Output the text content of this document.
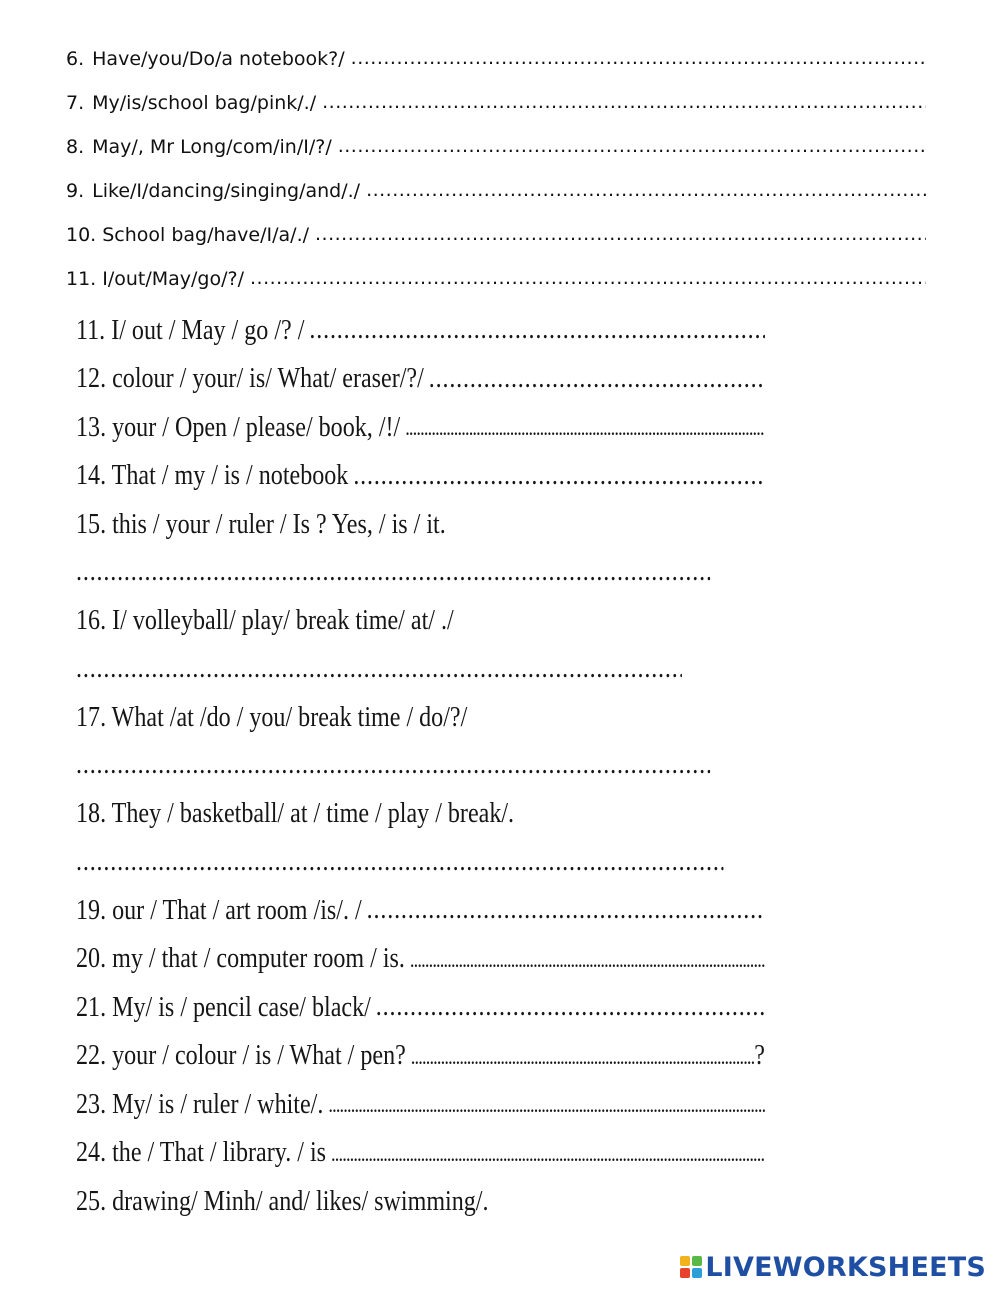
6. Have/you/Do/a notebook?/
.....
7. My/is/school bag/pink/./
.....
8. May/, Mr Long/com/in/I/?/
.....
9. Like/I/dancing/singing/and/./
.....
10. School bag/have/I/a/./
.....
11. I/out/May/go/?/
.....
11. I/ out / May / go /? /
.....
12. colour / your/ is/ What/ eraser/?/
.....
13. your / Open / please/ book, /!/
.....
14. That / my / is / notebook
.....
15. this / your / ruler / Is ? Yes, / is / it.
.....
16. I/ volleyball/ play/ break time/ at/ ./
.....
17. What /at /do / you/ break time / do/?/
.....
18. They / basketball/ at / time / play / break/.
.....
19. our / That / art room /is/. /
.....
20. my / that / computer room / is.
.....
21. My/ is / pencil case/ black/
.....
22. your / colour / is / What / pen?
.....	?
23. My/ is / ruler / white/.
.....
24. the / That / library. / is
.....
25. drawing/ Minh/ and/ likes/ swimming/.
LIVEWORKSHEETS
